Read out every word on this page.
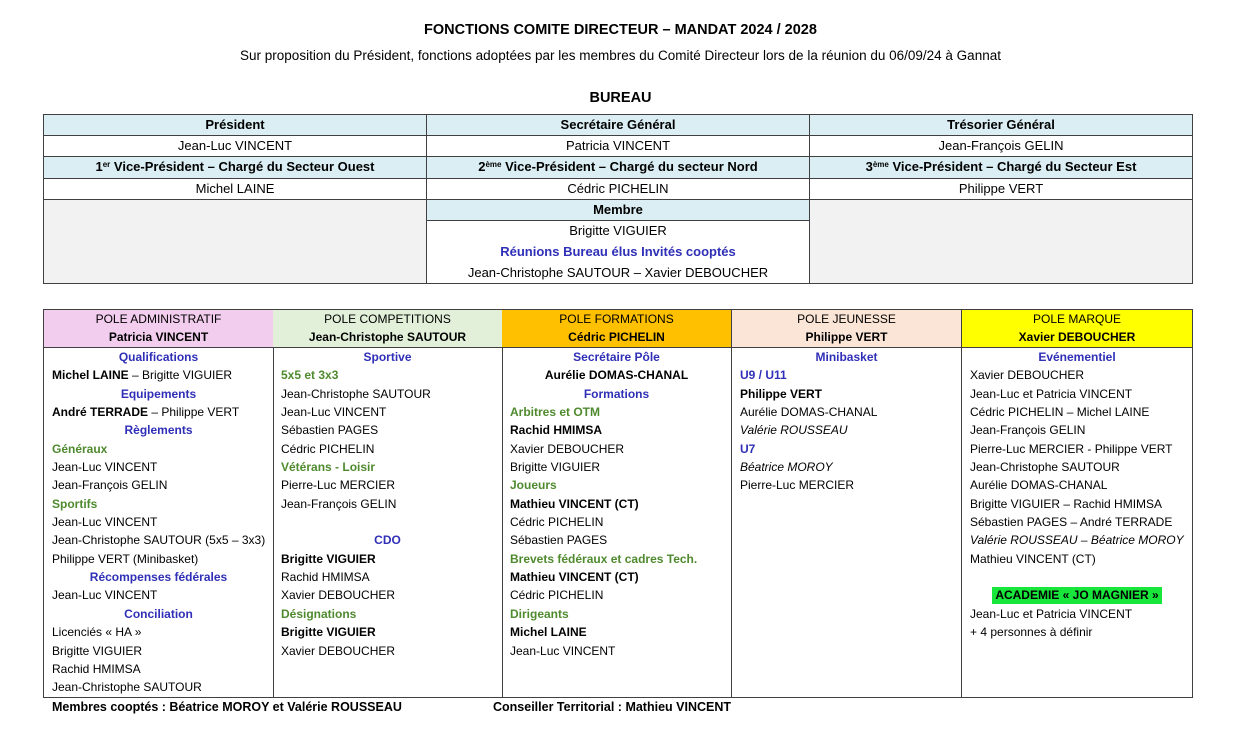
FONCTIONS COMITE DIRECTEUR – MANDAT 2024 / 2028
Sur proposition du Président, fonctions adoptées par les membres du Comité Directeur lors de la réunion du 06/09/24 à Gannat
BUREAU
Président
Jean-Luc VINCENT
1er Vice-Président – Chargé du Secteur Ouest
Michel LAINE
Secrétaire Général
Patricia VINCENT
2ème Vice-Président – Chargé du secteur Nord
Cédric PICHELIN
Trésorier Général
Jean-François GELIN
3ème Vice-Président – Chargé du Secteur Est
Philippe VERT
Membre
Brigitte VIGUIER
Réunions Bureau élus Invités cooptés
Jean-Christophe SAUTOUR – Xavier DEBOUCHER
POLE ADMINISTRATIF
Patricia VINCENT
Qualifications
Michel LAINE – Brigitte VIGUIER
Equipements
André TERRADE – Philippe VERT
Règlements
Généraux
Jean-Luc VINCENT
Jean-François GELIN
Sportifs
Jean-Luc VINCENT
Jean-Christophe SAUTOUR (5x5 – 3x3)
Philippe VERT (Minibasket)
Récompenses fédérales
Jean-Luc VINCENT
Conciliation
Licenciés « HA »
Brigitte VIGUIER
Rachid HMIMSA
Jean-Christophe SAUTOUR
POLE COMPETITIONS
Jean-Christophe SAUTOUR
Sportive
5x5 et 3x3
Jean-Christophe SAUTOUR
Jean-Luc VINCENT
Sébastien PAGES
Cédric PICHELIN
Vétérans - Loisir
Pierre-Luc MERCIER
Jean-François GELIN
CDO
Brigitte VIGUIER
Rachid HMIMSA
Xavier DEBOUCHER
Désignations
Brigitte VIGUIER
Xavier DEBOUCHER
POLE FORMATIONS
Cédric PICHELIN
Secrétaire Pôle
Aurélie DOMAS-CHANAL
Formations
Arbitres et OTM
Rachid HMIMSA
Xavier DEBOUCHER
Brigitte VIGUIER
Joueurs
Mathieu VINCENT (CT)
Cédric PICHELIN
Sébastien PAGES
Brevets fédéraux et cadres Tech.
Mathieu VINCENT (CT)
Cédric PICHELIN
Dirigeants
Michel LAINE
Jean-Luc VINCENT
POLE JEUNESSE
Philippe VERT
Minibasket
U9 / U11
Philippe VERT
Aurélie DOMAS-CHANAL
Valérie ROUSSEAU
U7
Béatrice MOROY
Pierre-Luc MERCIER
POLE MARQUE
Xavier DEBOUCHER
Evénementiel
Xavier DEBOUCHER
Jean-Luc et Patricia VINCENT
Cédric PICHELIN – Michel LAINE
Jean-François GELIN
Pierre-Luc MERCIER - Philippe VERT
Jean-Christophe SAUTOUR
Aurélie DOMAS-CHANAL
Brigitte VIGUIER – Rachid HMIMSA
Sébastien PAGES – André TERRADE
Valérie ROUSSEAU – Béatrice MOROY
Mathieu VINCENT (CT)
ACADEMIE « JO MAGNIER »
Jean-Luc et Patricia VINCENT
+ 4 personnes à définir
Membres cooptés : Béatrice MOROY et Valérie ROUSSEAU	Conseiller Territorial : Mathieu VINCENT
